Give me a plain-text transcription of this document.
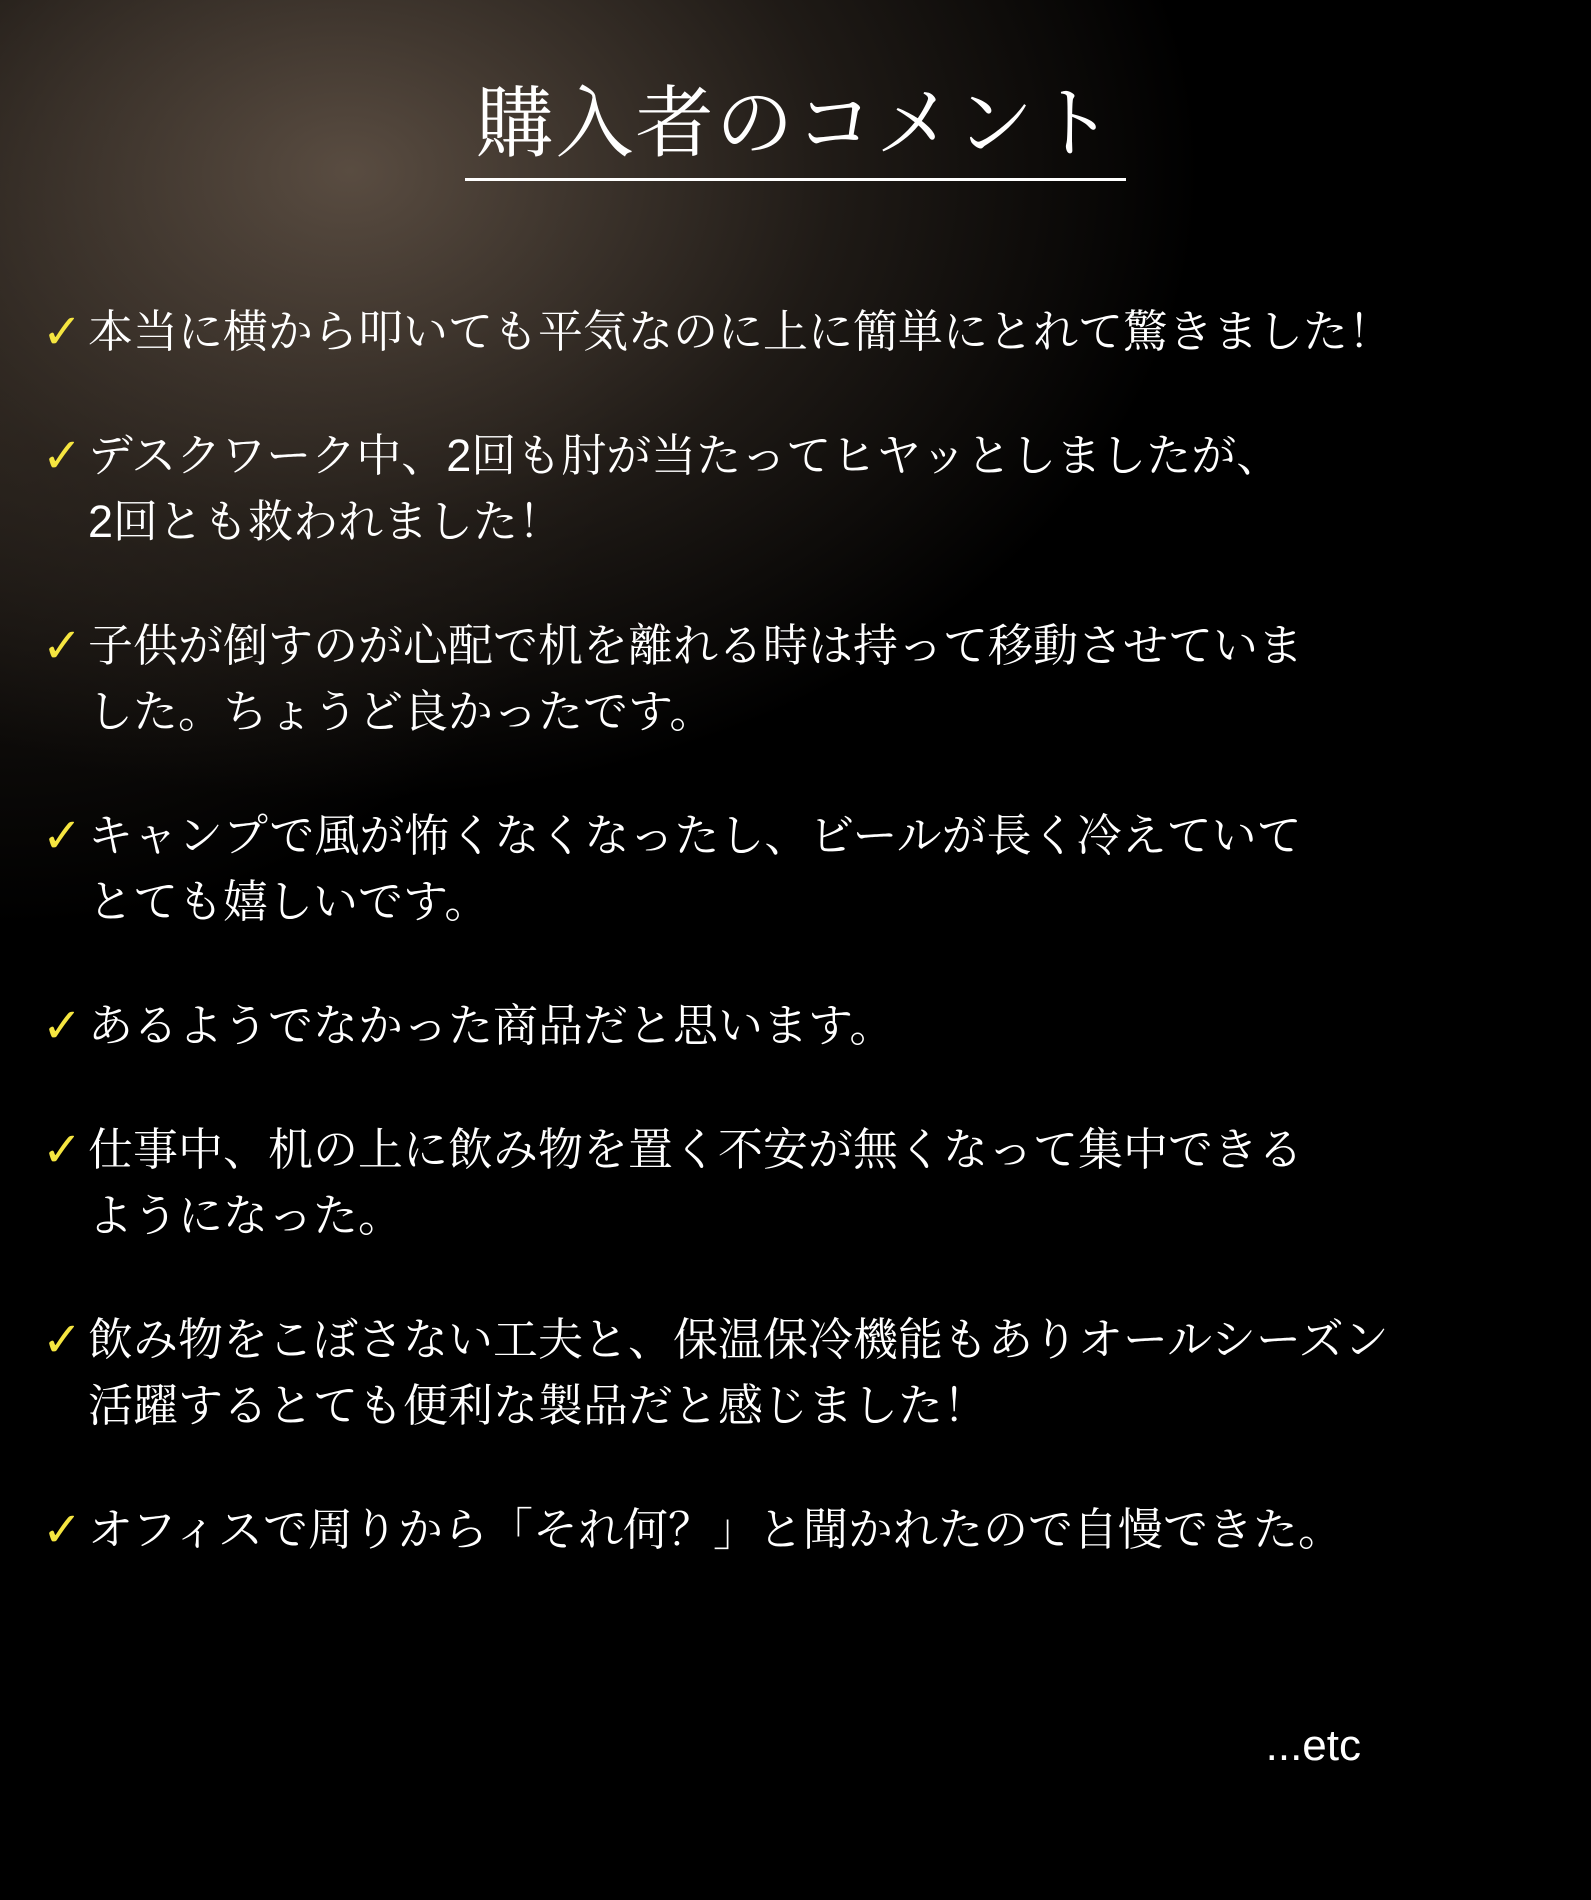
購入者のコメント
✓ 本当に横から叩いても平気なのに上に簡単にとれて驚きました！

✓ デスクワーク中、2回も肘が当たってヒヤッとしましたが、
2回とも救われました！

✓ 子供が倒すのが心配で机を離れる時は持って移動させていま
した。ちょうど良かったです。

✓ キャンプで風が怖くなくなったし、ビールが長く冷えていて
とても嬉しいです。

✓ あるようでなかった商品だと思います。

✓ 仕事中、机の上に飲み物を置く不安が無くなって集中できる
ようになった。

✓ 飲み物をこぼさない工夫と、保温保冷機能もありオールシーズン
活躍するとても便利な製品だと感じました！

✓ オフィスで周りから「それ何？」と聞かれたので自慢できた。

...etc
